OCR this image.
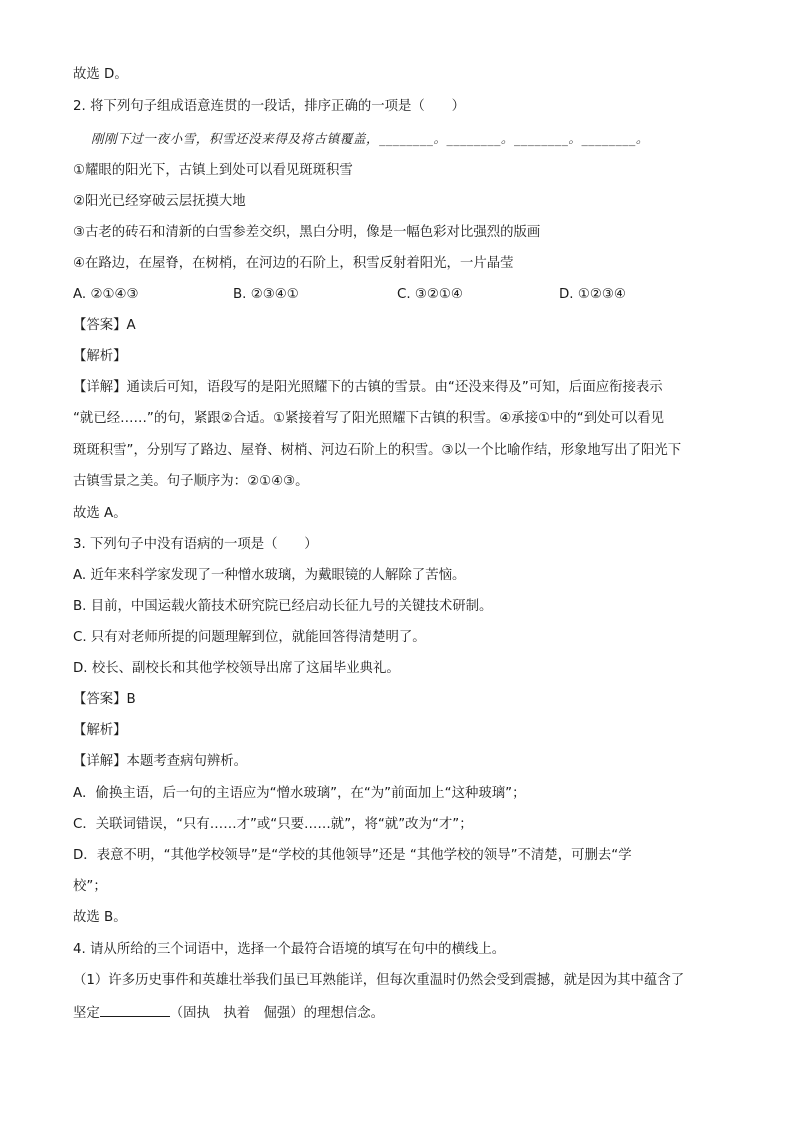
故选 D。
2. 将下列句子组成语意连贯的一段话，排序正确的一项是（　　）
刚刚下过一夜小雪，积雪还没来得及将古镇覆盖，________。________。________。________。
①耀眼的阳光下，古镇上到处可以看见斑斑积雪
②阳光已经穿破云层抚摸大地
③古老的砖石和清新的白雪参差交织，黑白分明，像是一幅色彩对比强烈的版画
④在路边，在屋脊，在树梢，在河边的石阶上，积雪反射着阳光，一片晶莹
A. ②①④③	B. ②③④①	C. ③②①④	D. ①②③④
【答案】A
【解析】
【详解】通读后可知，语段写的是阳光照耀下的古镇的雪景。由“还没来得及”可知，后面应衔接表示
“就已经……”的句，紧跟②合适。①紧接着写了阳光照耀下古镇的积雪。④承接①中的“到处可以看见
斑斑积雪”，分别写了路边、屋脊、树梢、河边石阶上的积雪。③以一个比喻作结，形象地写出了阳光下
古镇雪景之美。句子顺序为：②①④③。
故选 A。
3. 下列句子中没有语病的一项是（　　）
A. 近年来科学家发现了一种憎水玻璃，为戴眼镜的人解除了苦恼。
B. 目前，中国运载火箭技术研究院已经启动长征九号的关键技术研制。
C. 只有对老师所提的问题理解到位，就能回答得清楚明了。
D. 校长、副校长和其他学校领导出席了这届毕业典礼。
【答案】B
【解析】
【详解】本题考查病句辨析。
A．偷换主语，后一句的主语应为“憎水玻璃”，在“为”前面加上“这种玻璃”；
C．关联词错误，“只有……才”或“只要……就”，将“就”改为“才”；
D．表意不明，“其他学校领导”是“学校的其他领导”还是 “其他学校的领导”不清楚，可删去“学
校”；
故选 B。
4. 请从所给的三个词语中，选择一个最符合语境的填写在句中的横线上。
（1）许多历史事件和英雄壮举我们虽已耳熟能详，但每次重温时仍然会受到震撼，就是因为其中蕴含了
坚定	（固执　执着　倔强）的理想信念。
